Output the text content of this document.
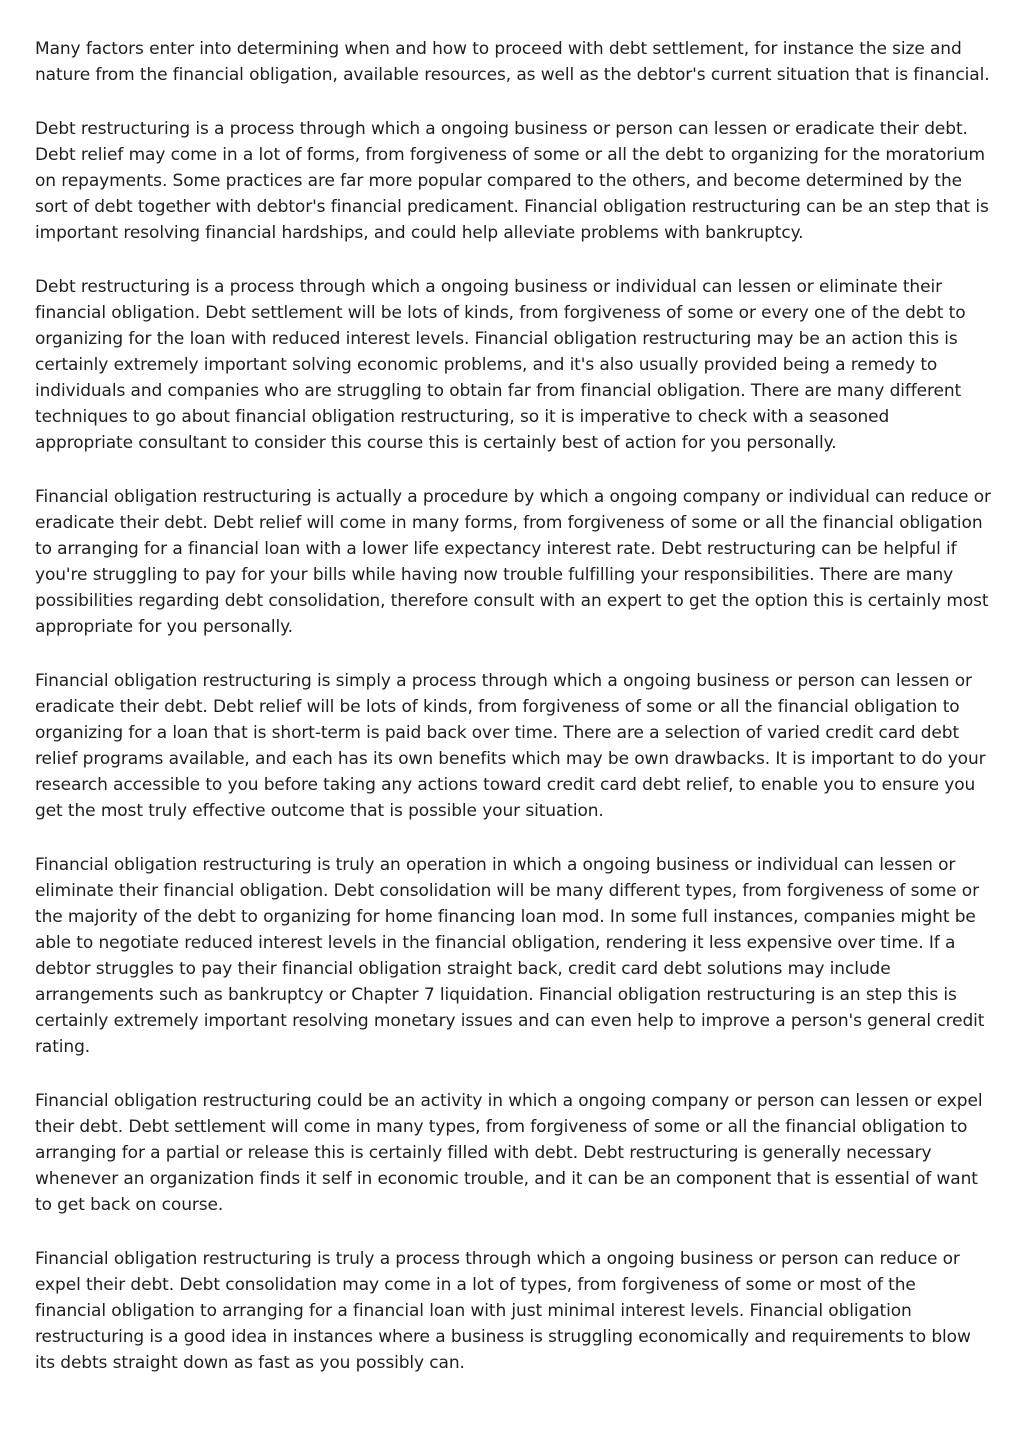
Many factors enter into determining when and how to proceed with debt settlement, for instance the size and nature from the financial obligation, available resources, as well as the debtor's current situation that is financial.

Debt restructuring is a process through which a ongoing business or person can lessen or eradicate their debt. Debt relief may come in a lot of forms, from forgiveness of some or all the debt to organizing for the moratorium on repayments. Some practices are far more popular compared to the others, and become determined by the sort of debt together with debtor's financial predicament. Financial obligation restructuring can be an step that is important resolving financial hardships, and could help alleviate problems with bankruptcy.

Debt restructuring is a process through which a ongoing business or individual can lessen or eliminate their financial obligation. Debt settlement will be lots of kinds, from forgiveness of some or every one of the debt to organizing for the loan with reduced interest levels. Financial obligation restructuring may be an action this is certainly extremely important solving economic problems, and it's also usually provided being a remedy to individuals and companies who are struggling to obtain far from financial obligation. There are many different techniques to go about financial obligation restructuring, so it is imperative to check with a seasoned appropriate consultant to consider this course this is certainly best of action for you personally.

Financial obligation restructuring is actually a procedure by which a ongoing company or individual can reduce or eradicate their debt. Debt relief will come in many forms, from forgiveness of some or all the financial obligation to arranging for a financial loan with a lower life expectancy interest rate. Debt restructuring can be helpful if you're struggling to pay for your bills while having now trouble fulfilling your responsibilities. There are many possibilities regarding debt consolidation, therefore consult with an expert to get the option this is certainly most appropriate for you personally.

Financial obligation restructuring is simply a process through which a ongoing business or person can lessen or eradicate their debt. Debt relief will be lots of kinds, from forgiveness of some or all the financial obligation to organizing for a loan that is short-term is paid back over time. There are a selection of varied credit card debt relief programs available, and each has its own benefits which may be own drawbacks. It is important to do your research accessible to you before taking any actions toward credit card debt relief, to enable you to ensure you get the most truly effective outcome that is possible your situation.

Financial obligation restructuring is truly an operation in which a ongoing business or individual can lessen or eliminate their financial obligation. Debt consolidation will be many different types, from forgiveness of some or the majority of the debt to organizing for home financing loan mod. In some full instances, companies might be able to negotiate reduced interest levels in the financial obligation, rendering it less expensive over time. If a debtor struggles to pay their financial obligation straight back, credit card debt solutions may include arrangements such as bankruptcy or Chapter 7 liquidation. Financial obligation restructuring is an step this is certainly extremely important resolving monetary issues and can even help to improve a person's general credit rating.

Financial obligation restructuring could be an activity in which a ongoing company or person can lessen or expel their debt. Debt settlement will come in many types, from forgiveness of some or all the financial obligation to arranging for a partial or release this is certainly filled with debt. Debt restructuring is generally necessary whenever an organization finds it self in economic trouble, and it can be an component that is essential of want to get back on course.

Financial obligation restructuring is truly a process through which a ongoing business or person can reduce or expel their debt. Debt consolidation may come in a lot of types, from forgiveness of some or most of the financial obligation to arranging for a financial loan with just minimal interest levels. Financial obligation restructuring is a good idea in instances where a business is struggling economically and requirements to blow its debts straight down as fast as you possibly can.
